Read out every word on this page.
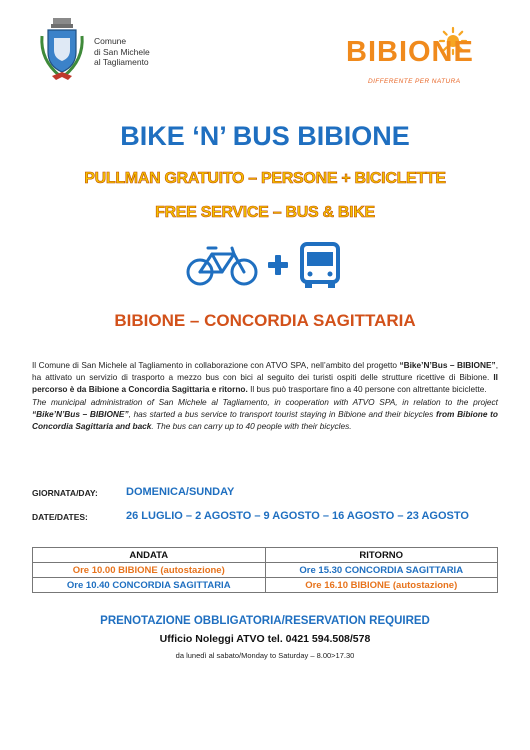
Comune
di San Michele
al Tagliamento	BIBIONE
DIFFERENTE PER NATURA
BIKE ‘N’ BUS BIBIONE
PULLMAN GRATUITO – PERSONE + BICICLETTE
FREE SERVICE – BUS & BIKE
BIBIONE – CONCORDIA SAGITTARIA
Il Comune di San Michele al Tagliamento in collaborazione con ATVO SPA, nell’ambito del progetto “Bike’N’Bus – BIBIONE”, ha attivato un servizio di trasporto a mezzo bus con bici al seguito dei turisti ospiti delle strutture ricettive di Bibione. Il percorso è da Bibione a Concordia Sagittaria e ritorno. Il bus può trasportare fino a 40 persone con altrettante biciclette.
The municipal administration of San Michele al Tagliamento, in cooperation with ATVO SPA, in relation to the project “Bike’N’Bus – BIBIONE”, has started a bus service to transport tourist staying in Bibione and their bicycles from Bibione to Concordia Sagittaria and back. The bus can carry up to 40 people with their bicycles.
GIORNATA/DAY:	DOMENICA/SUNDAY
DATE/DATES:	26 LUGLIO – 2 AGOSTO – 9 AGOSTO – 16 AGOSTO – 23 AGOSTO
ANDATA	RITORNO
Ore 10.00 BIBIONE (autostazione)	Ore 15.30 CONCORDIA SAGITTARIA
Ore 10.40 CONCORDIA SAGITTARIA	Ore 16.10 BIBIONE (autostazione)
PRENOTAZIONE OBBLIGATORIA/RESERVATION REQUIRED
Ufficio Noleggi ATVO tel. 0421 594.508/578
da lunedì al sabato/Monday to Saturday – 8.00>17.30
